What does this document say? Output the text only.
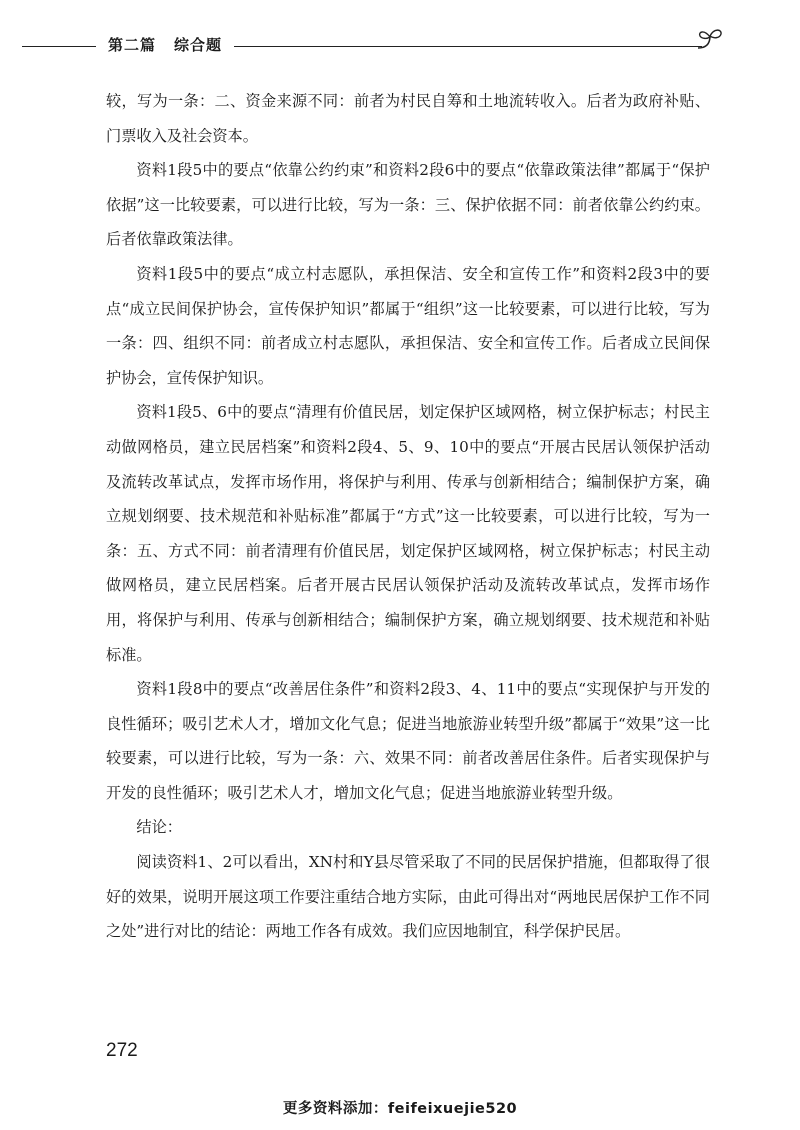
第二篇 综合题

较，写为一条：二、资金来源不同：前者为村民自筹和土地流转收入。后者为政府补贴、门票收入及社会资本。

资料1段5中的要点“依靠公约约束”和资料2段6中的要点“依靠政策法律”都属于“保护依据”这一比较要素，可以进行比较，写为一条：三、保护依据不同：前者依靠公约约束。后者依靠政策法律。

资料1段5中的要点“成立村志愿队，承担保洁、安全和宣传工作”和资料2段3中的要点“成立民间保护协会，宣传保护知识”都属于“组织”这一比较要素，可以进行比较，写为一条：四、组织不同：前者成立村志愿队，承担保洁、安全和宣传工作。后者成立民间保护协会，宣传保护知识。

资料1段5、6中的要点“清理有价值民居，划定保护区域网格，树立保护标志；村民主动做网格员，建立民居档案”和资料2段4、5、9、10中的要点“开展古民居认领保护活动及流转改革试点，发挥市场作用，将保护与利用、传承与创新相结合；编制保护方案，确立规划纲要、技术规范和补贴标准”都属于“方式”这一比较要素，可以进行比较，写为一条：五、方式不同：前者清理有价值民居，划定保护区域网格，树立保护标志；村民主动做网格员，建立民居档案。后者开展古民居认领保护活动及流转改革试点，发挥市场作用，将保护与利用、传承与创新相结合；编制保护方案，确立规划纲要、技术规范和补贴标准。

资料1段8中的要点“改善居住条件”和资料2段3、4、11中的要点“实现保护与开发的良性循环；吸引艺术人才，增加文化气息；促进当地旅游业转型升级”都属于“效果”这一比较要素，可以进行比较，写为一条：六、效果不同：前者改善居住条件。后者实现保护与开发的良性循环；吸引艺术人才，增加文化气息；促进当地旅游业转型升级。

结论：

阅读资料1、2可以看出，XN村和Y县尽管采取了不同的民居保护措施，但都取得了很好的效果，说明开展这项工作要注重结合地方实际，由此可得出对“两地民居保护工作不同之处”进行对比的结论：两地工作各有成效。我们应因地制宜，科学保护民居。

272
更多资料添加：feifeixuejie520
